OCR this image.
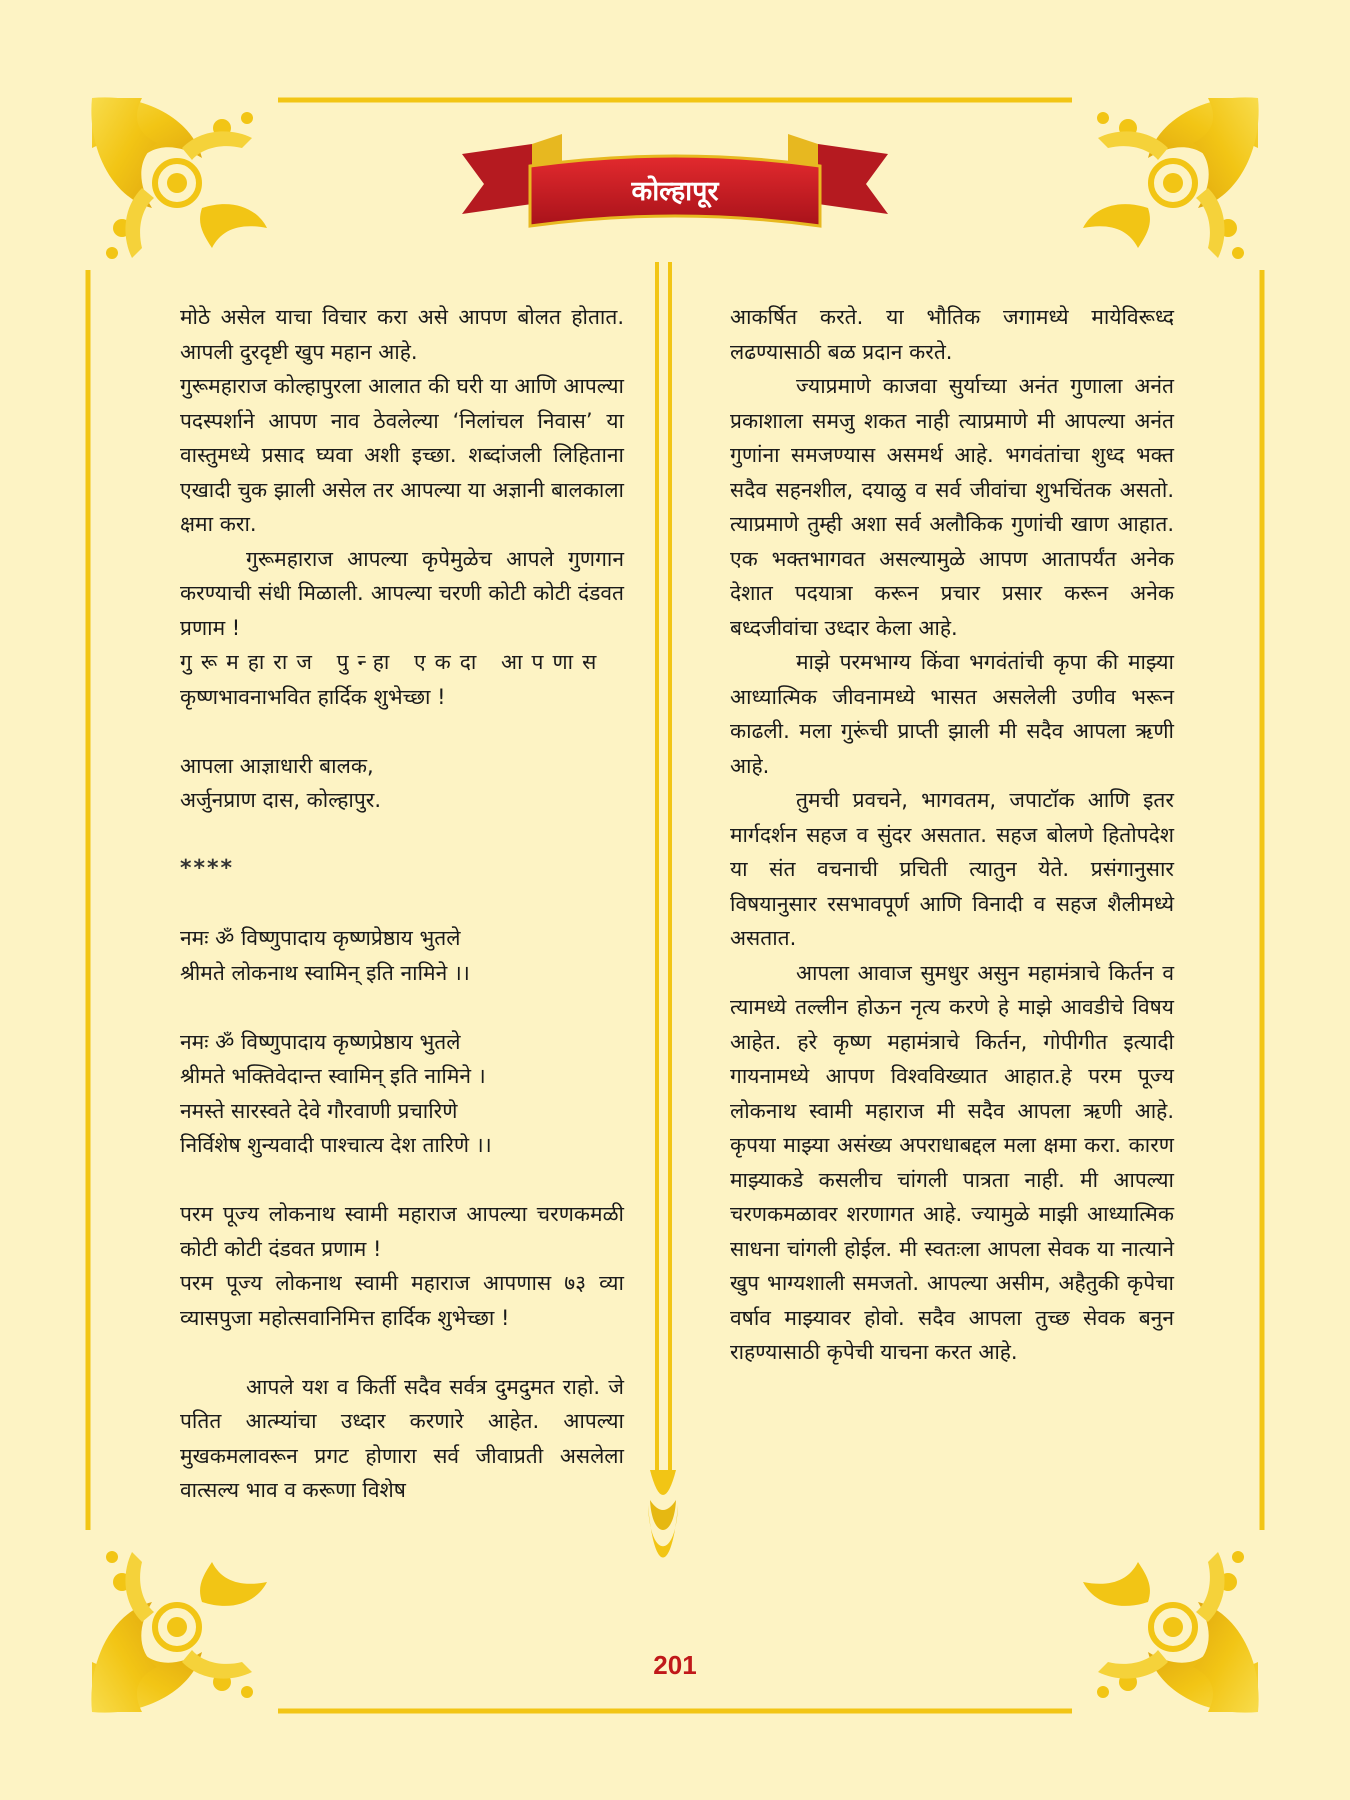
कोल्हापूर

मोठे असेल याचा विचार करा असे आपण बोलत होतात. आपली दुरदृष्टी खुप महान आहे.

गुरूमहाराज कोल्हापुरला आलात की घरी या आणि आपल्या पदस्पर्शाने आपण नाव ठेवलेल्या ‘निलांचल निवास’ या वास्तुमध्ये प्रसाद घ्यवा अशी इच्छा. शब्दांजली लिहिताना एखादी चुक झाली असेल तर आपल्या या अज्ञानी बालकाला क्षमा करा.

गुरूमहाराज आपल्या कृपेमुळेच आपले गुणगान करण्याची संधी मिळाली. आपल्या चरणी कोटी कोटी दंडवत प्रणाम !

गुरूमहाराज पुन्हा एकदा आपणास

कृष्णभावनाभवित हार्दिक शुभेच्छा !

आपला आज्ञाधारी बालक,

अर्जुनप्राण दास, कोल्हापुर.

****

नमः ॐ विष्णुपादाय कृष्णप्रेष्ठाय भुतले

श्रीमते लोकनाथ स्वामिन् इति नामिने ।।

नमः ॐ विष्णुपादाय कृष्णप्रेष्ठाय भुतले

श्रीमते भक्तिवेदान्त स्वामिन् इति नामिने ।

नमस्ते सारस्वते देवे गौरवाणी प्रचारिणे

निर्विशेष शुन्यवादी पाश्चात्य देश तारिणे ।।

परम पूज्य लोकनाथ स्वामी महाराज आपल्या चरणकमळी कोटी कोटी दंडवत प्रणाम !

परम पूज्य लोकनाथ स्वामी महाराज आपणास ७३ व्या व्यासपुजा महोत्सवानिमित्त हार्दिक शुभेच्छा !

आपले यश व किर्ती सदैव सर्वत्र दुमदुमत राहो. जे पतित आत्म्यांचा उध्दार करणारे आहेत. आपल्या मुखकमलावरून प्रगट होणारा सर्व जीवाप्रती असलेला वात्सल्य भाव व करूणा विशेष

आकर्षित करते. या भौतिक जगामध्ये मायेविरूध्द लढण्यासाठी बळ प्रदान करते.

ज्याप्रमाणे काजवा सुर्याच्या अनंत गुणाला अनंत प्रकाशाला समजु शकत नाही त्याप्रमाणे मी आपल्या अनंत गुणांना समजण्यास असमर्थ आहे. भगवंतांचा शुध्द भक्त सदैव सहनशील, दयाळु व सर्व जीवांचा शुभचिंतक असतो. त्याप्रमाणे तुम्ही अशा सर्व अलौकिक गुणांची खाण आहात. एक भक्तभागवत असल्यामुळे आपण आतापर्यंत अनेक देशात पदयात्रा करून प्रचार प्रसार करून अनेक बध्दजीवांचा उध्दार केला आहे.

माझे परमभाग्य किंवा भगवंतांची कृपा की माझ्या आध्यात्मिक जीवनामध्ये भासत असलेली उणीव भरून काढली. मला गुरूंची प्राप्ती झाली मी सदैव आपला ऋणी आहे.

तुमची प्रवचने, भागवतम, जपाटॉक आणि इतर मार्गदर्शन सहज व सुंदर असतात. सहज बोलणे हितोपदेश या संत वचनाची प्रचिती त्यातुन येते. प्रसंगानुसार विषयानुसार रसभावपूर्ण आणि विनादी व सहज शैलीमध्ये असतात.

आपला आवाज सुमधुर असुन महामंत्राचे किर्तन व त्यामध्ये तल्लीन होऊन नृत्य करणे हे माझे आवडीचे विषय आहेत. हरे कृष्ण महामंत्राचे किर्तन, गोपीगीत इत्यादी गायनामध्ये आपण विश्वविख्यात आहात.हे परम पूज्य लोकनाथ स्वामी महाराज मी सदैव आपला ऋणी आहे. कृपया माझ्या असंख्य अपराधाबद्दल मला क्षमा करा. कारण माझ्याकडे कसलीच चांगली पात्रता नाही. मी आपल्या चरणकमळावर शरणागत आहे. ज्यामुळे माझी आध्यात्मिक साधना चांगली होईल. मी स्वतःला आपला सेवक या नात्याने खुप भाग्यशाली समजतो. आपल्या असीम, अहैतुकी कृपेचा वर्षाव माझ्यावर होवो. सदैव आपला तुच्छ सेवक बनुन राहण्यासाठी कृपेची याचना करत आहे.

201
